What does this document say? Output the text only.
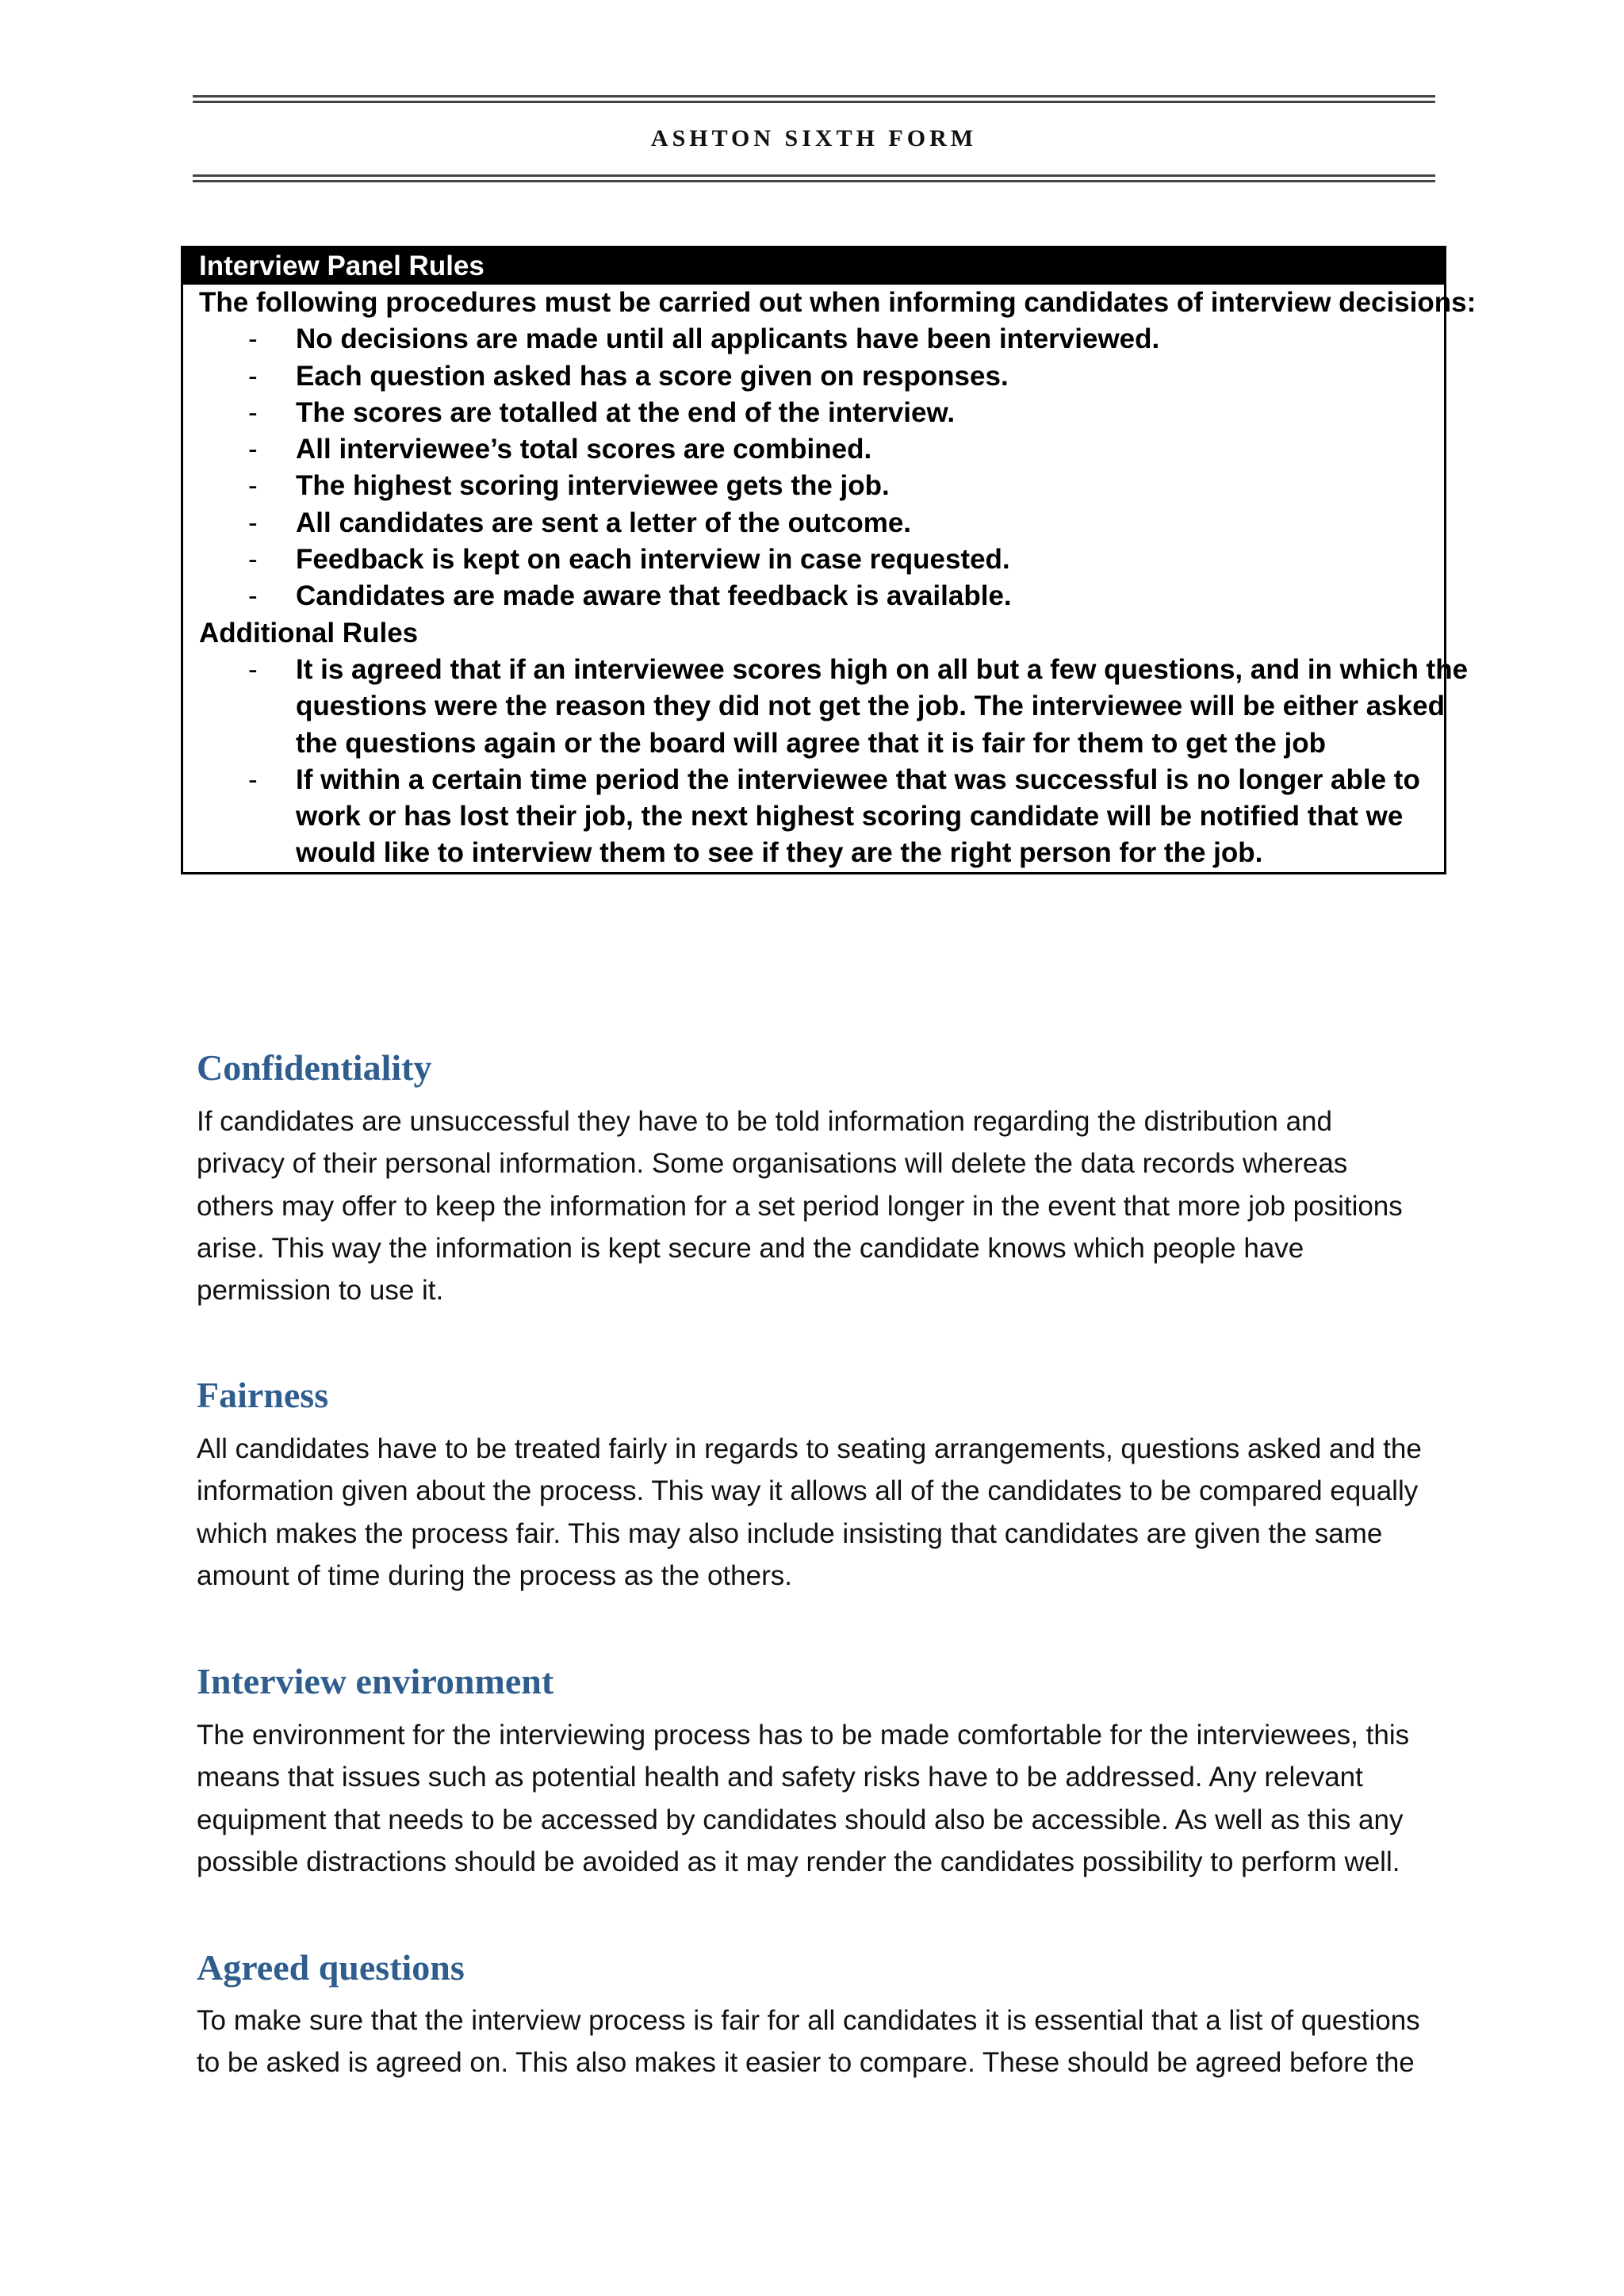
ASHTON SIXTH FORM
Interview Panel Rules
The following procedures must be carried out when informing candidates of interview decisions:
- No decisions are made until all applicants have been interviewed.
- Each question asked has a score given on responses.
- The scores are totalled at the end of the interview.
- All interviewee’s total scores are combined.
- The highest scoring interviewee gets the job.
- All candidates are sent a letter of the outcome.
- Feedback is kept on each interview in case requested.
- Candidates are made aware that feedback is available.
Additional Rules
- It is agreed that if an interviewee scores high on all but a few questions, and in which the
questions were the reason they did not get the job. The interviewee will be either asked
the questions again or the board will agree that it is fair for them to get the job
- If within a certain time period the interviewee that was successful is no longer able to
work or has lost their job, the next highest scoring candidate will be notified that we
would like to interview them to see if they are the right person for the job.
Confidentiality
If candidates are unsuccessful they have to be told information regarding the distribution and
privacy of their personal information. Some organisations will delete the data records whereas
others may offer to keep the information for a set period longer in the event that more job positions
arise. This way the information is kept secure and the candidate knows which people have
permission to use it.
Fairness
All candidates have to be treated fairly in regards to seating arrangements, questions asked and the
information given about the process. This way it allows all of the candidates to be compared equally
which makes the process fair. This may also include insisting that candidates are given the same
amount of time during the process as the others.
Interview environment
The environment for the interviewing process has to be made comfortable for the interviewees, this
means that issues such as potential health and safety risks have to be addressed. Any relevant
equipment that needs to be accessed by candidates should also be accessible. As well as this any
possible distractions should be avoided as it may render the candidates possibility to perform well.
Agreed questions
To make sure that the interview process is fair for all candidates it is essential that a list of questions
to be asked is agreed on. This also makes it easier to compare. These should be agreed before the
